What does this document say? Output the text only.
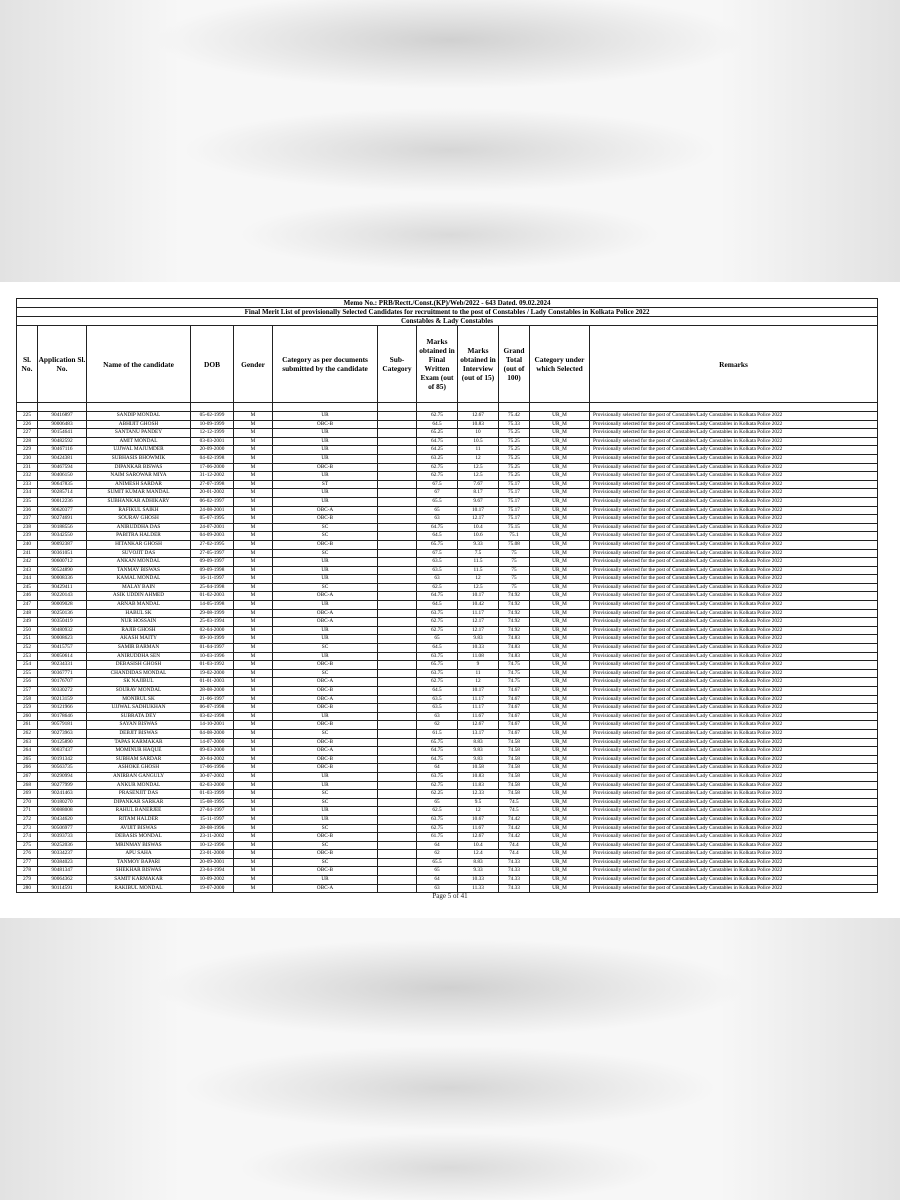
Memo No.: PRB/Rectt./Const.(KP)/Web/2022 - 643 Dated. 09.02.2024											
Final Merit List of provisionally Selected Candidates for recruitment to the post of Constables / Lady Constables in Kolkata Police 2022											
Constables & Lady Constables											
Sl. No.	Application Sl. No.	Name of the candidate	DOB	Gender	Category as per documents submitted by the candidate	Sub-Category	Marks obtained in Final Written Exam (out of 85)	Marks obtained in Interview (out of 15)	Grand Total (out of 100)	Category under which Selected	Remarks

225	90416897	SANDIP MONDAL	05-02-1999	M	UR		62.75	12.67	75.42	UR_M	Provisionally selected for the post of Constables/Lady Constables in Kolkata Police 2022
226	90006483	ABHIJIT GHOSH	10-09-1999	M	OBC-B		64.5	10.83	75.33	UR_M	Provisionally selected for the post of Constables/Lady Constables in Kolkata Police 2022
227	90154641	SANTANU PANDEY	12-12-1999	M	UR		65.25	10	75.25	UR_M	Provisionally selected for the post of Constables/Lady Constables in Kolkata Police 2022
228	90482592	AMIT MONDAL	03-03-2001	M	UR		64.75	10.5	75.25	UR_M	Provisionally selected for the post of Constables/Lady Constables in Kolkata Police 2022
229	90467116	UJJWAL MAJUMDER	20-09-2000	M	UR		64.25	11	75.25	UR_M	Provisionally selected for the post of Constables/Lady Constables in Kolkata Police 2022
230	90424381	SUBHASIS BHOWMIK	04-02-1998	M	UR		63.25	12	75.25	UR_M	Provisionally selected for the post of Constables/Lady Constables in Kolkata Police 2022
231	90467594	DIPANKAR BISWAS	17-06-2000	M	OBC-B		62.75	12.5	75.25	UR_M	Provisionally selected for the post of Constables/Lady Constables in Kolkata Police 2022
232	90406150	NAIM SAROWAR MIYA	31-12-2002	M	UR		62.75	12.5	75.25	UR_M	Provisionally selected for the post of Constables/Lady Constables in Kolkata Police 2022
233	90647835	ANIMESH SARDAR	27-07-1998	M	ST		67.5	7.67	75.17	UR_M	Provisionally selected for the post of Constables/Lady Constables in Kolkata Police 2022
234	90285714	SUMIT KUMAR MANDAL	20-01-2002	M	UR		67	8.17	75.17	UR_M	Provisionally selected for the post of Constables/Lady Constables in Kolkata Police 2022
235	90012236	SUBHANKAR ADHIKARY	06-02-1997	M	UR		65.5	9.67	75.17	UR_M	Provisionally selected for the post of Constables/Lady Constables in Kolkata Police 2022
236	90620377	RAFIKUL SAIKH	24-08-2001	M	OBC-A		65	10.17	75.17	UR_M	Provisionally selected for the post of Constables/Lady Constables in Kolkata Police 2022
237	90274691	SOURAV GHOSH	05-07-1995	M	OBC-B		63	12.17	75.17	UR_M	Provisionally selected for the post of Constables/Lady Constables in Kolkata Police 2022
238	90188556	ANIRUDDHA DAS	24-07-2001	M	SC		64.75	10.4	75.15	UR_M	Provisionally selected for the post of Constables/Lady Constables in Kolkata Police 2022
239	90342550	PABITRA HALDER	04-09-2003	M	SC		64.5	10.6	75.1	UR_M	Provisionally selected for the post of Constables/Lady Constables in Kolkata Police 2022
240	90092387	HITANKAR GHOSH	27-02-1995	M	OBC-B		65.75	9.33	75.08	UR_M	Provisionally selected for the post of Constables/Lady Constables in Kolkata Police 2022
241	90361051	SUVOJIT DAS	27-05-1997	M	SC		67.5	7.5	75	UR_M	Provisionally selected for the post of Constables/Lady Constables in Kolkata Police 2022
242	90600712	ANKAN MONDAL	09-09-1997	M	UR		63.5	11.5	75	UR_M	Provisionally selected for the post of Constables/Lady Constables in Kolkata Police 2022
243	90524890	TANMAY BISWAS	09-09-1998	M	UR		63.5	11.5	75	UR_M	Provisionally selected for the post of Constables/Lady Constables in Kolkata Police 2022
244	90008336	KAMAL MONDAL	16-11-1997	M	UR		63	12	75	UR_M	Provisionally selected for the post of Constables/Lady Constables in Kolkata Police 2022
245	90429411	MALAY BAIN	25-04-1998	M	SC		62.5	12.5	75	UR_M	Provisionally selected for the post of Constables/Lady Constables in Kolkata Police 2022
246	90220143	ASIK UDDIN AHMED	01-02-2003	M	OBC-A		64.75	10.17	74.92	UR_M	Provisionally selected for the post of Constables/Lady Constables in Kolkata Police 2022
247	90009028	ARNAB MANDAL	14-05-1998	M	UR		64.5	10.42	74.92	UR_M	Provisionally selected for the post of Constables/Lady Constables in Kolkata Police 2022
248	90250136	HABUL SK	29-08-1999	M	OBC-A		63.75	11.17	74.92	UR_M	Provisionally selected for the post of Constables/Lady Constables in Kolkata Police 2022
249	90350419	NUR HOSSAIN	25-03-1994	M	OBC-A		62.75	12.17	74.92	UR_M	Provisionally selected for the post of Constables/Lady Constables in Kolkata Police 2022
250	90480932	RAJIB GHOSH	02-04-2000	M	UR		62.75	12.17	74.92	UR_M	Provisionally selected for the post of Constables/Lady Constables in Kolkata Police 2022
251	90008623	AKASH MAITY	09-10-1999	M	UR		65	9.83	74.83	UR_M	Provisionally selected for the post of Constables/Lady Constables in Kolkata Police 2022
252	90415757	SAMIR BARMAN	01-04-1997	M	SC		64.5	10.33	74.83	UR_M	Provisionally selected for the post of Constables/Lady Constables in Kolkata Police 2022
253	90050614	ANIRUDDHA SEN	10-03-1996	M	UR		63.75	11.08	74.83	UR_M	Provisionally selected for the post of Constables/Lady Constables in Kolkata Police 2022
254	90234331	DEBASISH GHOSH	01-03-1992	M	OBC-B		65.75	9	74.75	UR_M	Provisionally selected for the post of Constables/Lady Constables in Kolkata Police 2022
255	90367771	CHANDIDAS MONDAL	19-02-2000	M	SC		63.75	11	74.75	UR_M	Provisionally selected for the post of Constables/Lady Constables in Kolkata Police 2022
256	90176707	SK NAJIBUL	01-01-2003	M	OBC-A		62.75	12	74.75	UR_M	Provisionally selected for the post of Constables/Lady Constables in Kolkata Police 2022
257	90330272	SOURAV MONDAL	28-08-2000	M	OBC-B		64.5	10.17	74.67	UR_M	Provisionally selected for the post of Constables/Lady Constables in Kolkata Police 2022
258	90213159	MONIRUL SK	21-06-1997	M	OBC-A		63.5	11.17	74.67	UR_M	Provisionally selected for the post of Constables/Lady Constables in Kolkata Police 2022
259	90121966	UJJWAL SADHUKHAN	06-07-1998	M	OBC-B		63.5	11.17	74.67	UR_M	Provisionally selected for the post of Constables/Lady Constables in Kolkata Police 2022
260	90178646	SUBRATA DEY	03-02-1998	M	UR		63	11.67	74.67	UR_M	Provisionally selected for the post of Constables/Lady Constables in Kolkata Police 2022
261	90579181	SAYAN BISWAS	14-10-2001	M	OBC-B		62	12.67	74.67	UR_M	Provisionally selected for the post of Constables/Lady Constables in Kolkata Police 2022
262	90273963	DEBJIT BISWAS	04-08-2000	M	SC		61.5	13.17	74.67	UR_M	Provisionally selected for the post of Constables/Lady Constables in Kolkata Police 2022
263	90125890	TAPAS KARMAKAR	14-07-2000	M	OBC-B		65.75	8.83	74.58	UR_M	Provisionally selected for the post of Constables/Lady Constables in Kolkata Police 2022
264	90037437	MOMINUR HAQUE	09-03-2000	M	OBC-A		64.75	9.83	74.58	UR_M	Provisionally selected for the post of Constables/Lady Constables in Kolkata Police 2022
265	90191342	SUBHAM SARDAR	20-04-2002	M	OBC-B		64.75	9.83	74.58	UR_M	Provisionally selected for the post of Constables/Lady Constables in Kolkata Police 2022
266	90563735	ASHOKE GHOSH	17-06-1996	M	OBC-B		64	10.58	74.58	UR_M	Provisionally selected for the post of Constables/Lady Constables in Kolkata Police 2022
267	90290994	ANIRBAN GANGULY	30-07-2002	M	UR		63.75	10.83	74.58	UR_M	Provisionally selected for the post of Constables/Lady Constables in Kolkata Police 2022
268	90277999	ANKUR MONDAL	02-03-2000	M	UR		62.75	11.83	74.58	UR_M	Provisionally selected for the post of Constables/Lady Constables in Kolkata Police 2022
269	90241463	PRASENJIT DAS	01-03-1999	M	SC		62.25	12.33	74.58	UR_M	Provisionally selected for the post of Constables/Lady Constables in Kolkata Police 2022
270	90180270	DIPANKAR SARKAR	15-08-1995	M	SC		65	9.5	74.5	UR_M	Provisionally selected for the post of Constables/Lady Constables in Kolkata Police 2022
271	90088008	RAHUL BANERJEE	27-04-1997	M	UR		62.5	12	74.5	UR_M	Provisionally selected for the post of Constables/Lady Constables in Kolkata Police 2022
272	90434620	RITAM HALDER	15-11-1997	M	UR		63.75	10.67	74.42	UR_M	Provisionally selected for the post of Constables/Lady Constables in Kolkata Police 2022
273	90506977	AVIJIT BISWAS	28-08-1996	M	SC		62.75	11.67	74.42	UR_M	Provisionally selected for the post of Constables/Lady Constables in Kolkata Police 2022
274	90393733	DEBASIS MONDAL	23-11-2002	M	OBC-B		61.75	12.67	74.42	UR_M	Provisionally selected for the post of Constables/Lady Constables in Kolkata Police 2022
275	90252036	MRINMAY BISWAS	10-12-1996	M	SC		64	10.4	74.4	UR_M	Provisionally selected for the post of Constables/Lady Constables in Kolkata Police 2022
276	90334237	APU SAHA	23-01-2000	M	OBC-B		62	12.4	74.4	UR_M	Provisionally selected for the post of Constables/Lady Constables in Kolkata Police 2022
277	90384023	TANMOY BAPARI	20-09-2001	M	SC		65.5	8.83	74.33	UR_M	Provisionally selected for the post of Constables/Lady Constables in Kolkata Police 2022
278	90481347	SHEKHAR BISWAS	23-04-1994	M	OBC-B		65	9.33	74.33	UR_M	Provisionally selected for the post of Constables/Lady Constables in Kolkata Police 2022
279	90064362	SAMIT KARMAKAR	10-09-2002	M	UR		64	10.33	74.33	UR_M	Provisionally selected for the post of Constables/Lady Constables in Kolkata Police 2022
280	90114591	RAKIBUL MONDAL	19-07-2000	M	OBC-A		63	11.33	74.33	UR_M	Provisionally selected for the post of Constables/Lady Constables in Kolkata Police 2022
Page 5 of 41
